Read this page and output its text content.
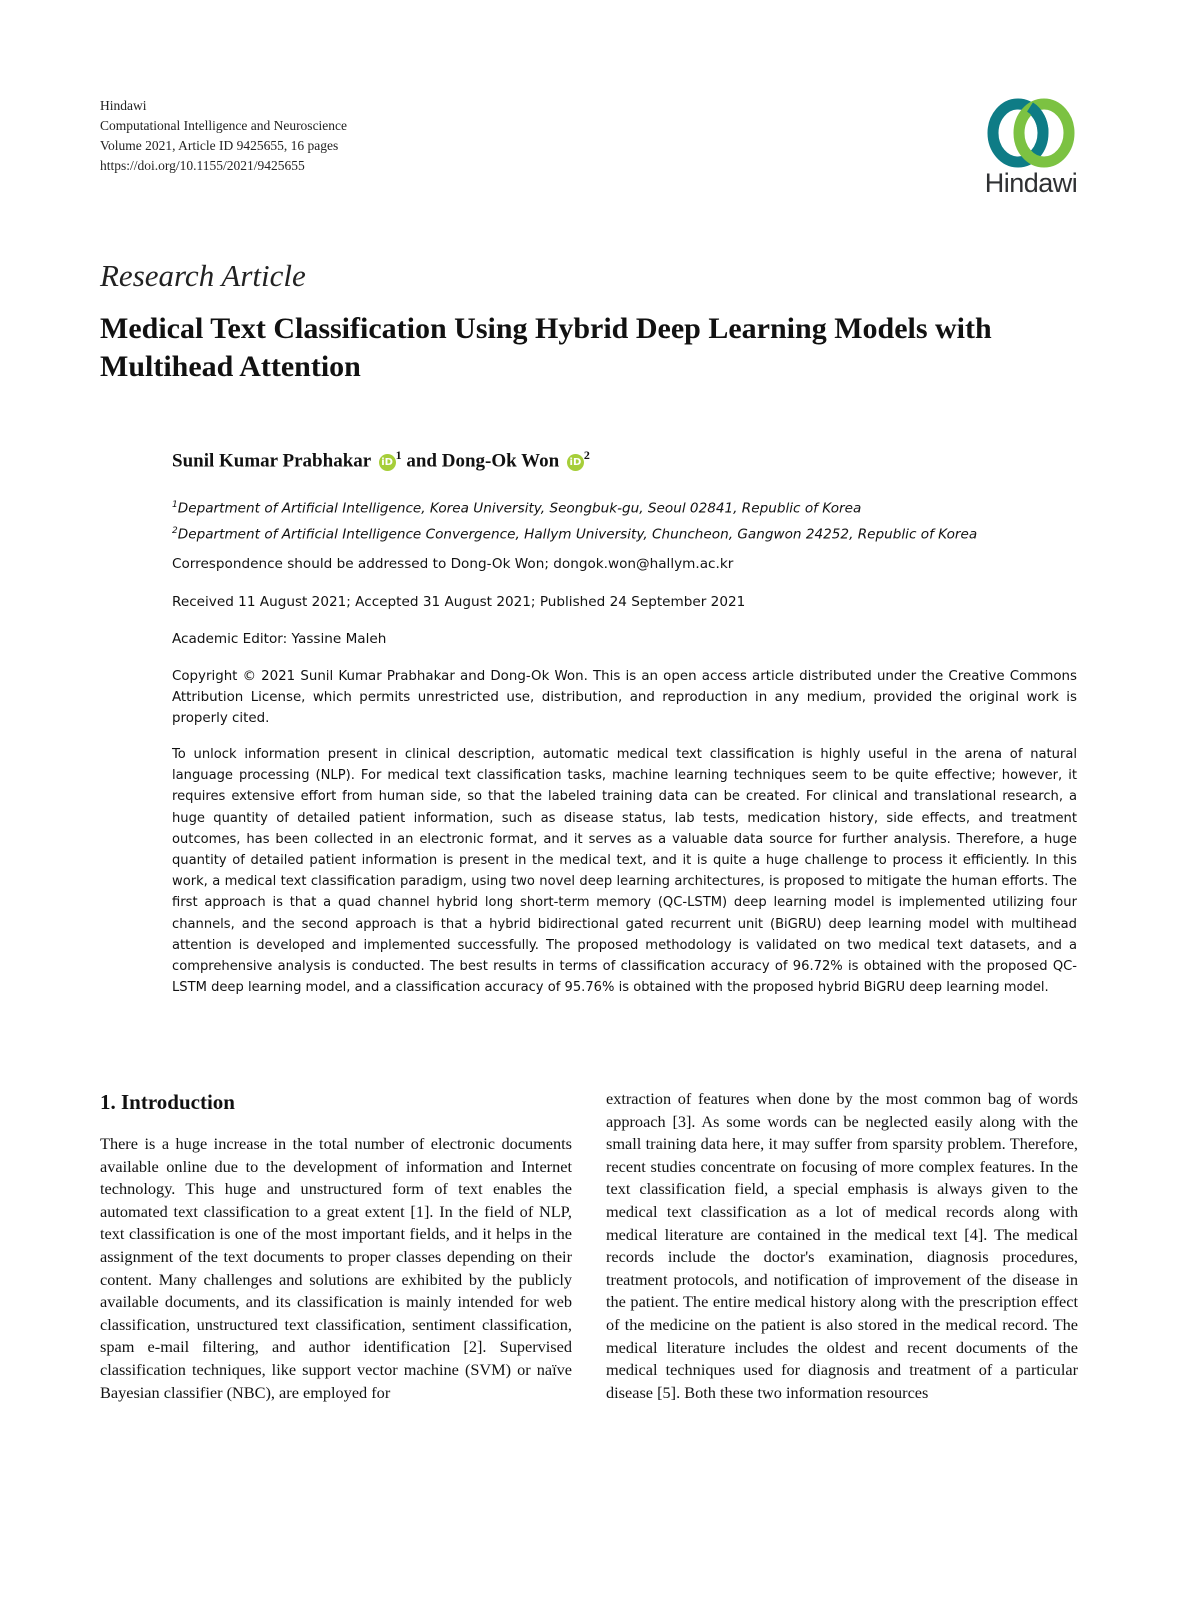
Hindawi
Computational Intelligence and Neuroscience
Volume 2021, Article ID 9425655, 16 pages
https://doi.org/10.1155/2021/9425655
Hindawi
Research Article
Medical Text Classification Using Hybrid Deep Learning Models with Multihead Attention
Sunil Kumar Prabhakar $iD^1$ and Dong-Ok Won $iD^2$
$^1$Department of Artificial Intelligence, Korea University, Seongbuk-gu, Seoul 02841, Republic of Korea
$^2$Department of Artificial Intelligence Convergence, Hallym University, Chuncheon, Gangwon 24252, Republic of Korea
Correspondence should be addressed to Dong-Ok Won; dongok.won@hallym.ac.kr
Received 11 August 2021; Accepted 31 August 2021; Published 24 September 2021
Academic Editor: Yassine Maleh
Copyright © 2021 Sunil Kumar Prabhakar and Dong-Ok Won. This is an open access article distributed under the Creative Commons Attribution License, which permits unrestricted use, distribution, and reproduction in any medium, provided the original work is properly cited.
To unlock information present in clinical description, automatic medical text classification is highly useful in the arena of natural language processing (NLP). For medical text classification tasks, machine learning techniques seem to be quite effective; however, it requires extensive effort from human side, so that the labeled training data can be created. For clinical and translational research, a huge quantity of detailed patient information, such as disease status, lab tests, medication history, side effects, and treatment outcomes, has been collected in an electronic format, and it serves as a valuable data source for further analysis. Therefore, a huge quantity of detailed patient information is present in the medical text, and it is quite a huge challenge to process it efficiently. In this work, a medical text classification paradigm, using two novel deep learning architectures, is proposed to mitigate the human efforts. The first approach is that a quad channel hybrid long short-term memory (QC-LSTM) deep learning model is implemented utilizing four channels, and the second approach is that a hybrid bidirectional gated recurrent unit (BiGRU) deep learning model with multihead attention is developed and implemented successfully. The proposed methodology is validated on two medical text datasets, and a comprehensive analysis is conducted. The best results in terms of classification accuracy of 96.72% is obtained with the proposed QC-LSTM deep learning model, and a classification accuracy of 95.76% is obtained with the proposed hybrid BiGRU deep learning model.
1. Introduction
There is a huge increase in the total number of electronic documents available online due to the development of information and Internet technology. This huge and unstructured form of text enables the automated text classification to a great extent [1]. In the field of NLP, text classification is one of the most important fields, and it helps in the assignment of the text documents to proper classes depending on their content. Many challenges and solutions are exhibited by the publicly available documents, and its classification is mainly intended for web classification, unstructured text classification, sentiment classification, spam e-mail filtering, and author identification [2]. Supervised classification techniques, like support vector machine (SVM) or naïve Bayesian classifier (NBC), are employed for
extraction of features when done by the most common bag of words approach [3]. As some words can be neglected easily along with the small training data here, it may suffer from sparsity problem. Therefore, recent studies concentrate on focusing of more complex features. In the text classification field, a special emphasis is always given to the medical text classification as a lot of medical records along with medical literature are contained in the medical text [4]. The medical records include the doctor's examination, diagnosis procedures, treatment protocols, and notification of improvement of the disease in the patient. The entire medical history along with the prescription effect of the medicine on the patient is also stored in the medical record. The medical literature includes the oldest and recent documents of the medical techniques used for diagnosis and treatment of a particular disease [5]. Both these two information resources
